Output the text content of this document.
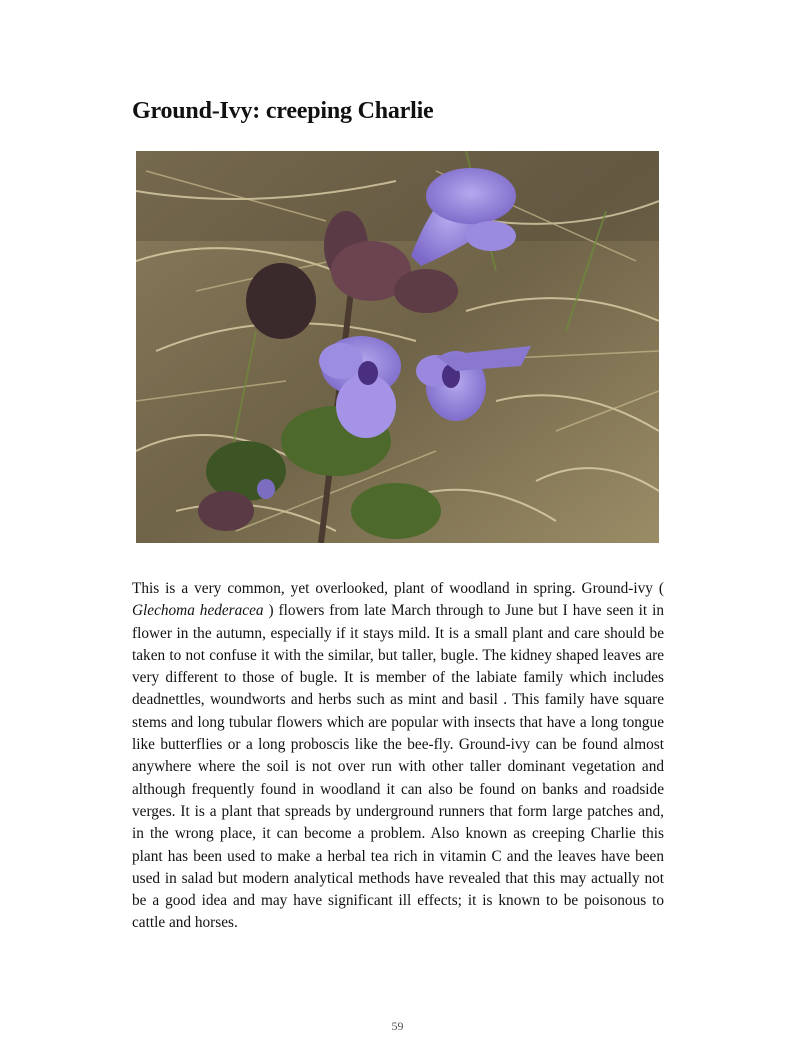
Ground-Ivy: creeping Charlie

This is a very common, yet overlooked, plant of woodland in spring. Ground-ivy ( Glechoma hederacea ) flowers from late March through to June but I have seen it in flower in the autumn, especially if it stays mild. It is a small plant and care should be taken to not confuse it with the similar, but taller, bugle. The kidney shaped leaves are very different to those of bugle. It is member of the labiate family which includes deadnettles, woundworts and herbs such as mint and basil . This family have square stems and long tubular flowers which are popular with insects that have a long tongue like butterflies or a long proboscis like the bee-fly. Ground-ivy can be found almost anywhere where the soil is not over run with other taller dominant vegetation and although frequently found in woodland it can also be found on banks and roadside verges. It is a plant that spreads by underground runners that form large patches and, in the wrong place, it can become a problem. Also known as creeping Charlie this plant has been used to make a herbal tea rich in vitamin C and the leaves have been used in salad but modern analytical methods have revealed that this may actually not be a good idea and may have significant ill effects; it is known to be poisonous to cattle and horses.

59
